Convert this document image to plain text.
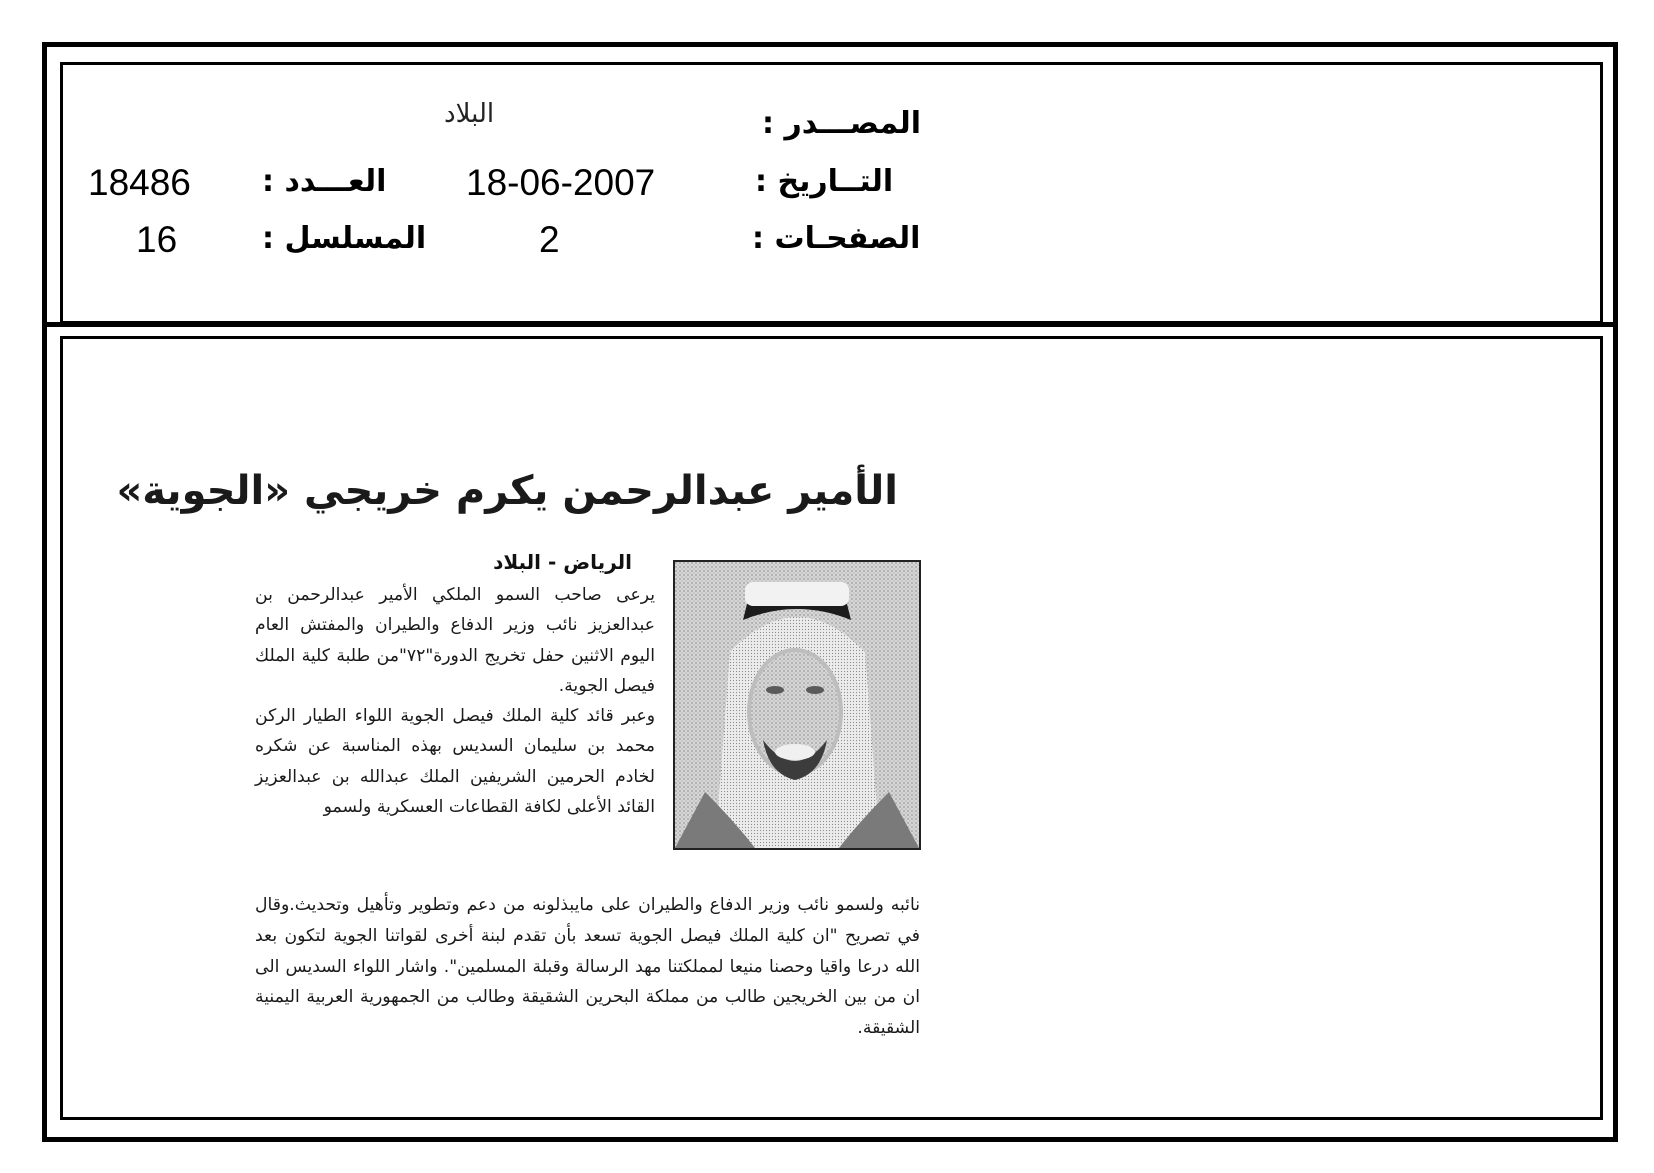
المصـــدر :
البلاد
التــاريخ :
18-06-2007
العـــدد :
18486
الصفحـات :
2
المسلسل :
16
الأمير عبدالرحمن يكرم خريجي «الجوية»
الرياض - البلاد

يرعى صاحب السمو الملكي الأمير عبدالرحمن بن عبدالعزيز نائب وزير الدفاع والطيران والمفتش العام اليوم الاثنين حفل تخريج الدورة"٧٢"من طلبة كلية الملك فيصل الجوية.

وعبر قائد كلية الملك فيصل الجوية اللواء الطيار الركن محمد بن سليمان السديس بهذه المناسبة عن شكره لخادم الحرمين الشريفين الملك عبدالله بن عبدالعزيز القائد الأعلى لكافة القطاعات العسكرية ولسمو

نائبه ولسمو نائب وزير الدفاع والطيران على مايبذلونه من دعم وتطوير وتأهيل وتحديث.وقال في تصريح "ان كلية الملك فيصل الجوية تسعد بأن تقدم لبنة أخرى لقواتنا الجوية لتكون بعد الله درعا واقيا وحصنا منيعا لمملكتنا مهد الرسالة وقبلة المسلمين". واشار اللواء السديس الى ان من بين الخريجين طالب من مملكة البحرين الشقيقة وطالب من الجمهورية العربية اليمنية الشقيقة.
